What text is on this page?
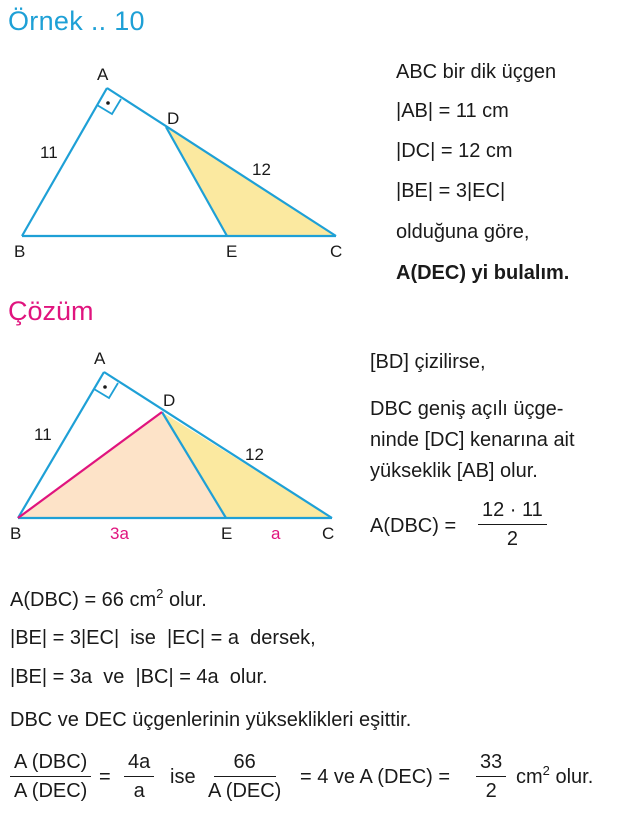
Örnek .. 10
Çözüm
A
D
B	E	C
11
12
ABC bir dik üçgen
|AB| = 11 cm
|DC| = 12 cm
|BE| = 3|EC|
olduğuna göre,
A(DEC) yi bulalım.
A
D
B	E	C
11
12
3a	a
[BD] çizilirse,
DBC geniş açılı üçge-
ninde [DC] kenarına ait
yükseklik [AB] olur.
$A(DBC) = \frac{12 \cdot 11}{2}$
A(DBC) = 66 $cm^2$ olur.
|BE| = 3|EC|  ise  |EC| = a  dersek,
|BE| = 3a  ve  |BC| = 4a  olur.
DBC ve DEC üçgenlerinin yükseklikleri eşittir.
A (DBC)
A (DEC)
= $\frac{4a}{a}$ ise
66
A (DEC)
= 4 ve A $(DEC) = \frac{33}{2} cm^2$ olur.
